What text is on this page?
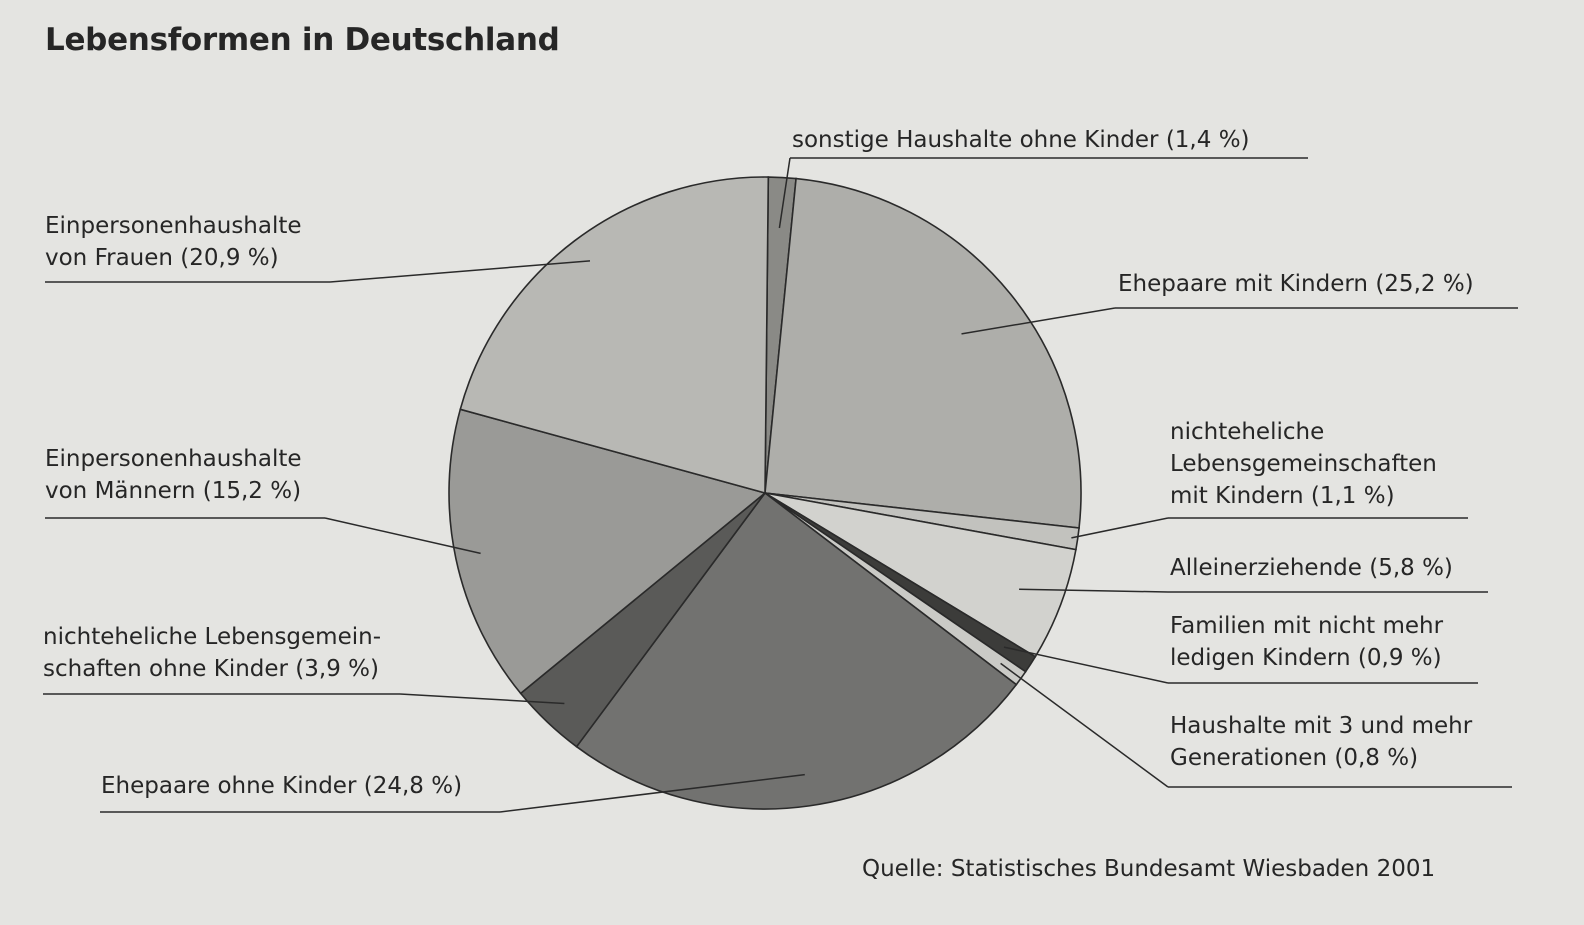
Lebensformen in Deutschland
sonstige Haushalte ohne Kinder (1,4 %)
Ehepaare mit Kindern (25,2 %)
nichteheliche
Lebensgemeinschaften
mit Kindern (1,1 %)
Alleinerziehende (5,8 %)
Familien mit nicht mehr
ledigen Kindern (0,9 %)
Haushalte mit 3 und mehr
Generationen (0,8 %)
Ehepaare ohne Kinder (24,8 %)
nichteheliche Lebensgemein-
schaften ohne Kinder (3,9 %)
Einpersonenhaushalte
von Männern (15,2 %)
Einpersonenhaushalte
von Frauen (20,9 %)
Quelle: Statistisches Bundesamt Wiesbaden 2001
